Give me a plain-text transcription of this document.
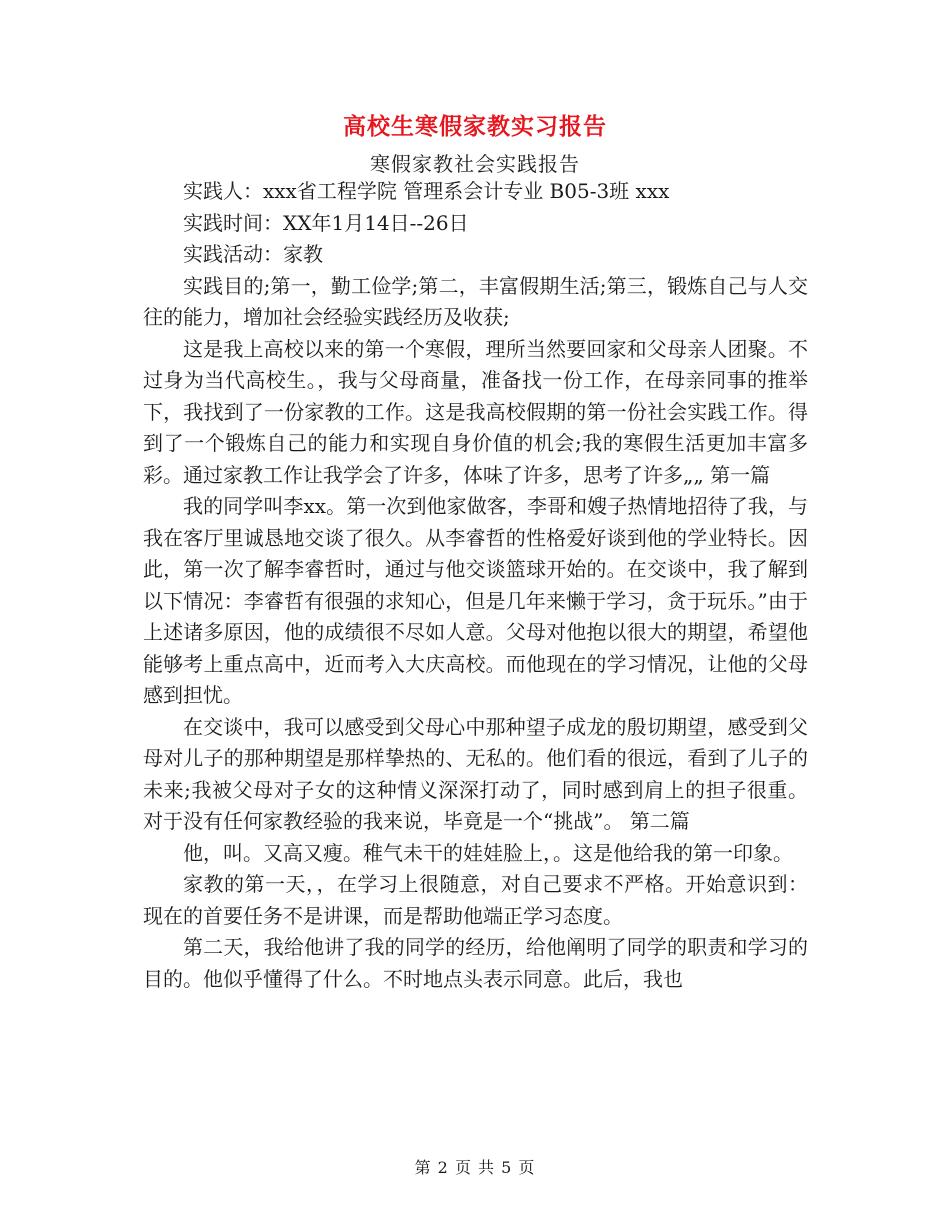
高校生寒假家教实习报告
寒假家教社会实践报告

实践人：xxx省工程学院 管理系会计专业 B05-3班 xxx

实践时间：XX年1月14日--26日

实践活动：家教

实践目的;第一，勤工俭学;第二，丰富假期生活;第三，锻炼自己与人交往的能力，增加社会经验实践经历及收获;

这是我上高校以来的第一个寒假，理所当然要回家和父母亲人团聚。不过身为当代高校生。，我与父母商量，准备找一份工作，在母亲同事的推举下，我找到了一份家教的工作。这是我高校假期的第一份社会实践工作。得到了一个锻炼自己的能力和实现自身价值的机会;我的寒假生活更加丰富多彩。通过家教工作让我学会了许多，体味了许多，思考了许多„„ 第一篇

我的同学叫李xx。第一次到他家做客，李哥和嫂子热情地招待了我，与我在客厅里诚恳地交谈了很久。从李睿哲的性格爱好谈到他的学业特长。因此，第一次了解李睿哲时，通过与他交谈篮球开始的。在交谈中，我了解到以下情况：李睿哲有很强的求知心，但是几年来懒于学习，贪于玩乐。”由于上述诸多原因，他的成绩很不尽如人意。父母对他抱以很大的期望，希望他能够考上重点高中，近而考入大庆高校。而他现在的学习情况，让他的父母感到担忧。

在交谈中，我可以感受到父母心中那种望子成龙的殷切期望，感受到父母对儿子的那种期望是那样挚热的、无私的。他们看的很远，看到了儿子的未来;我被父母对子女的这种情义深深打动了，同时感到肩上的担子很重。对于没有任何家教经验的我来说，毕竟是一个“挑战”。 第二篇

他，叫。又高又瘦。稚气未干的娃娃脸上，。这是他给我的第一印象。

家教的第一天，，在学习上很随意，对自己要求不严格。开始意识到：现在的首要任务不是讲课，而是帮助他端正学习态度。

第二天，我给他讲了我的同学的经历，给他阐明了同学的职责和学习的目的。他似乎懂得了什么。不时地点头表示同意。此后，我也

第 2 页 共 5 页
